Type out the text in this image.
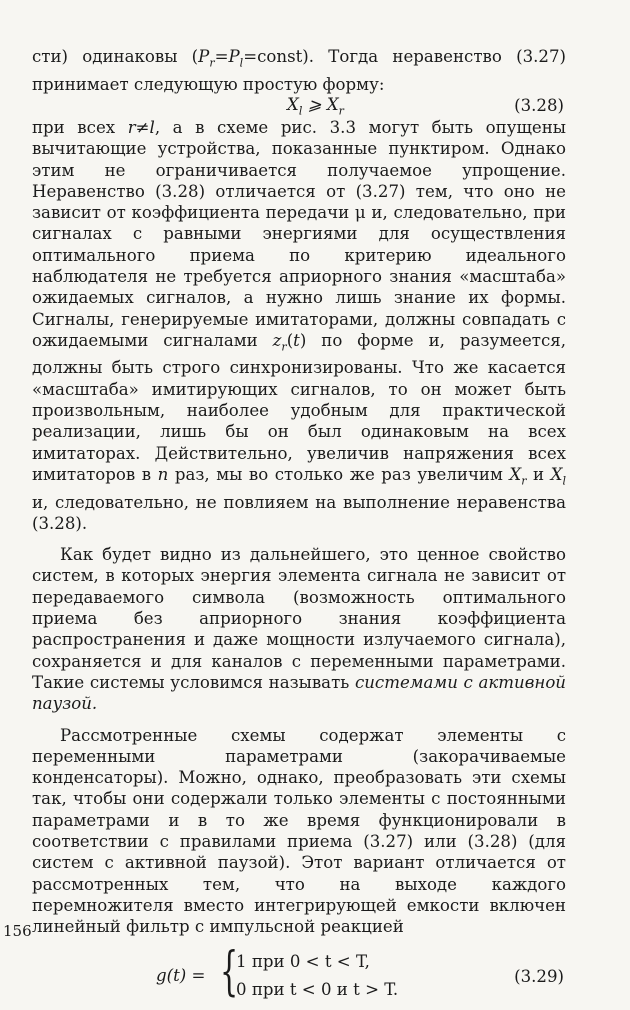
сти) одинаковы $(P_r=P_l=const)$. Тогда неравенство (3.27) принимает следующую простую форму:

$X_l$ ⩾ $X_r$	(3.28)

при всех r≠l, а в схеме рис. 3.3 могут быть опущены вычитающие устройства, показанные пунктиром. Однако этим не ограничивается получаемое упрощение. Неравенство (3.28) отличается от (3.27) тем, что оно не зависит от коэффициента передачи μ и, следовательно, при сигналах с равными энергиями для осуществления оптимального приема по критерию идеального наблюдателя не требуется априорного знания «масштаба» ожидаемых сигналов, а нужно лишь знание их формы. Сигналы, генерируемые имитаторами, должны совпадать с ожидаемыми сигналами $z_r(t)$ по форме и, разумеется, должны быть строго синхронизированы. Что же касается «масштаба» имитирующих сигналов, то он может быть произвольным, наиболее удобным для практической реализации, лишь бы он был одинаковым на всех имитаторах. Действительно, увеличив напряжения всех имитаторов в n раз, мы во столько же раз увеличим $X_r$ и $X_l$ и, следовательно, не повлияем на выполнение неравенства (3.28).

Как будет видно из дальнейшего, это ценное свойство систем, в которых энергия элемента сигнала не зависит от передаваемого символа (возможность оптимального приема без априорного знания коэффициента распространения и даже мощности излучаемого сигнала), сохраняется и для каналов с переменными параметрами. Такие системы условимся называть системами с активной паузой.

Рассмотренные схемы содержат элементы с переменными параметрами (закорачиваемые конденсаторы). Можно, однако, преобразовать эти схемы так, чтобы они содержали только элементы с постоянными параметрами и в то же время функционировали в соответствии с правилами приема (3.27) или (3.28) (для систем с активной паузой). Этот вариант отличается от рассмотренных тем, что на выходе каждого перемножителя вместо интегрирующей емкости включен линейный фильтр с импульсной реакцией

g(t) = {
1 при 0 < t < T,
0 при t < 0 и t > T.
(3.29)
156
